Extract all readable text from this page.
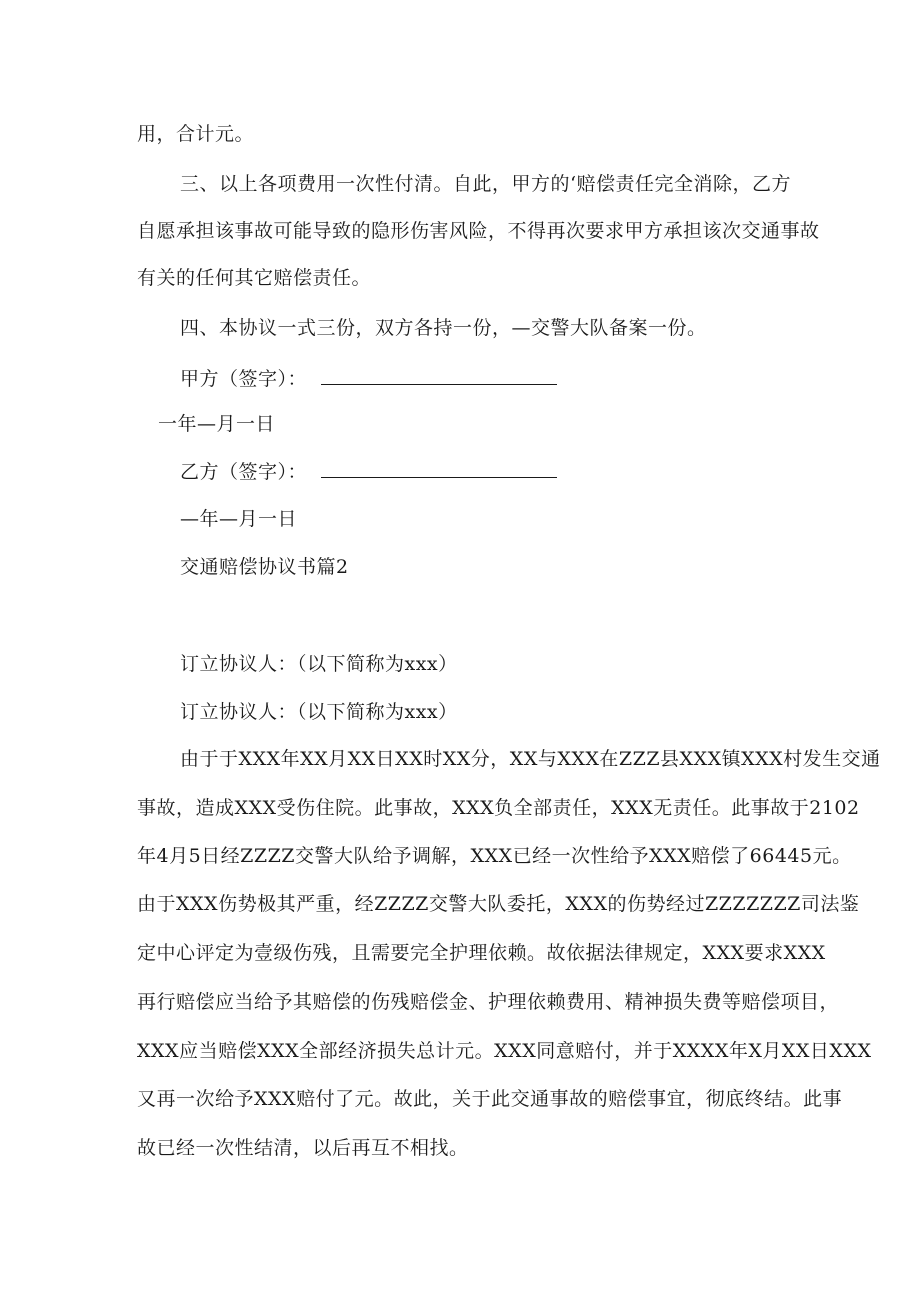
用，合计元。
三、以上各项费用一次性付清。自此，甲方的‘赔偿责任完全消除，乙方
自愿承担该事故可能导致的隐形伤害风险，不得再次要求甲方承担该次交通事故
有关的任何其它赔偿责任。
四、本协议一式三份，双方各持一份，—交警大队备案一份。
甲方（签字）：
一年—月一日
乙方（签字）：
—年—月一日
交通赔偿协议书篇2
订立协议人：（以下简称为xxx）
订立协议人：（以下简称为xxx）
由于于XXX年XX月XX日XX时XX分，XX与XXX在ZZZ县XXX镇XXX村发生交通
事故，造成XXX受伤住院。此事故，XXX负全部责任，XXX无责任。此事故于2102
年4月5日经ZZZZ交警大队给予调解，XXX已经一次性给予XXX赔偿了66445元。
由于XXX伤势极其严重，经ZZZZ交警大队委托，XXX的伤势经过ZZZZZZZ司法鉴
定中心评定为壹级伤残，且需要完全护理依赖。故依据法律规定，XXX要求XXX
再行赔偿应当给予其赔偿的伤残赔偿金、护理依赖费用、精神损失费等赔偿项目，
XXX应当赔偿XXX全部经济损失总计元。XXX同意赔付，并于XXXX年X月XX日XXX
又再一次给予XXX赔付了元。故此，关于此交通事故的赔偿事宜，彻底终结。此事
故已经一次性结清，以后再互不相找。
